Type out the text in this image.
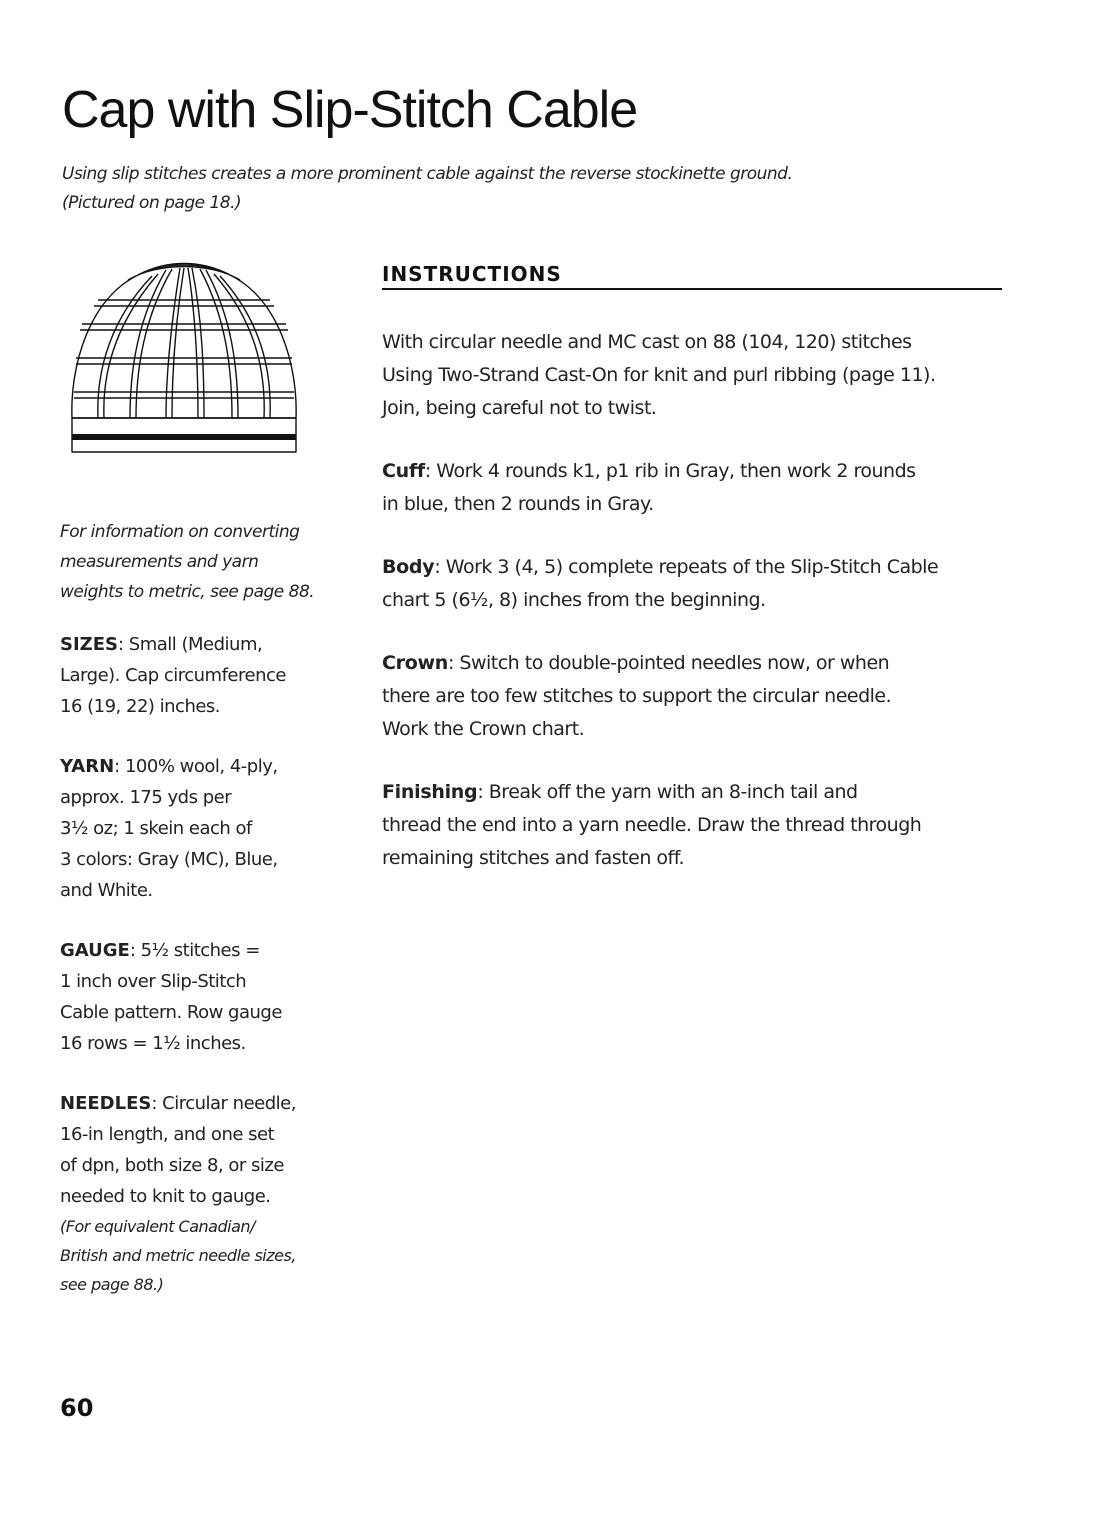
Cap with Slip-Stitch Cable

Using slip stitches creates a more prominent cable against the reverse stockinette ground.

(Pictured on page 18.)

For information on converting
measurements and yarn
weights to metric, see page 88.

SIZES: Small (Medium,
Large). Cap circumference
16 (19, 22) inches.

YARN: 100% wool, 4-ply,
approx. 175 yds per
3½ oz; 1 skein each of
3 colors: Gray (MC), Blue,
and White.

GAUGE: 5½ stitches =
1 inch over Slip-Stitch
Cable pattern. Row gauge
16 rows = 1½ inches.

NEEDLES: Circular needle,
16-in length, and one set
of dpn, both size 8, or size
needed to knit to gauge.
(For equivalent Canadian/
British and metric needle sizes,
see page 88.)

INSTRUCTIONS

With circular needle and MC cast on 88 (104, 120) stitches
Using Two-Strand Cast-On for knit and purl ribbing (page 11).
Join, being careful not to twist.

Cuff: Work 4 rounds k1, p1 rib in Gray, then work 2 rounds
in blue, then 2 rounds in Gray.

Body: Work 3 (4, 5) complete repeats of the Slip-Stitch Cable
chart 5 (6½, 8) inches from the beginning.

Crown: Switch to double-pointed needles now, or when
there are too few stitches to support the circular needle.
Work the Crown chart.

Finishing: Break off the yarn with an 8-inch tail and
thread the end into a yarn needle. Draw the thread through
remaining stitches and fasten off.

60
